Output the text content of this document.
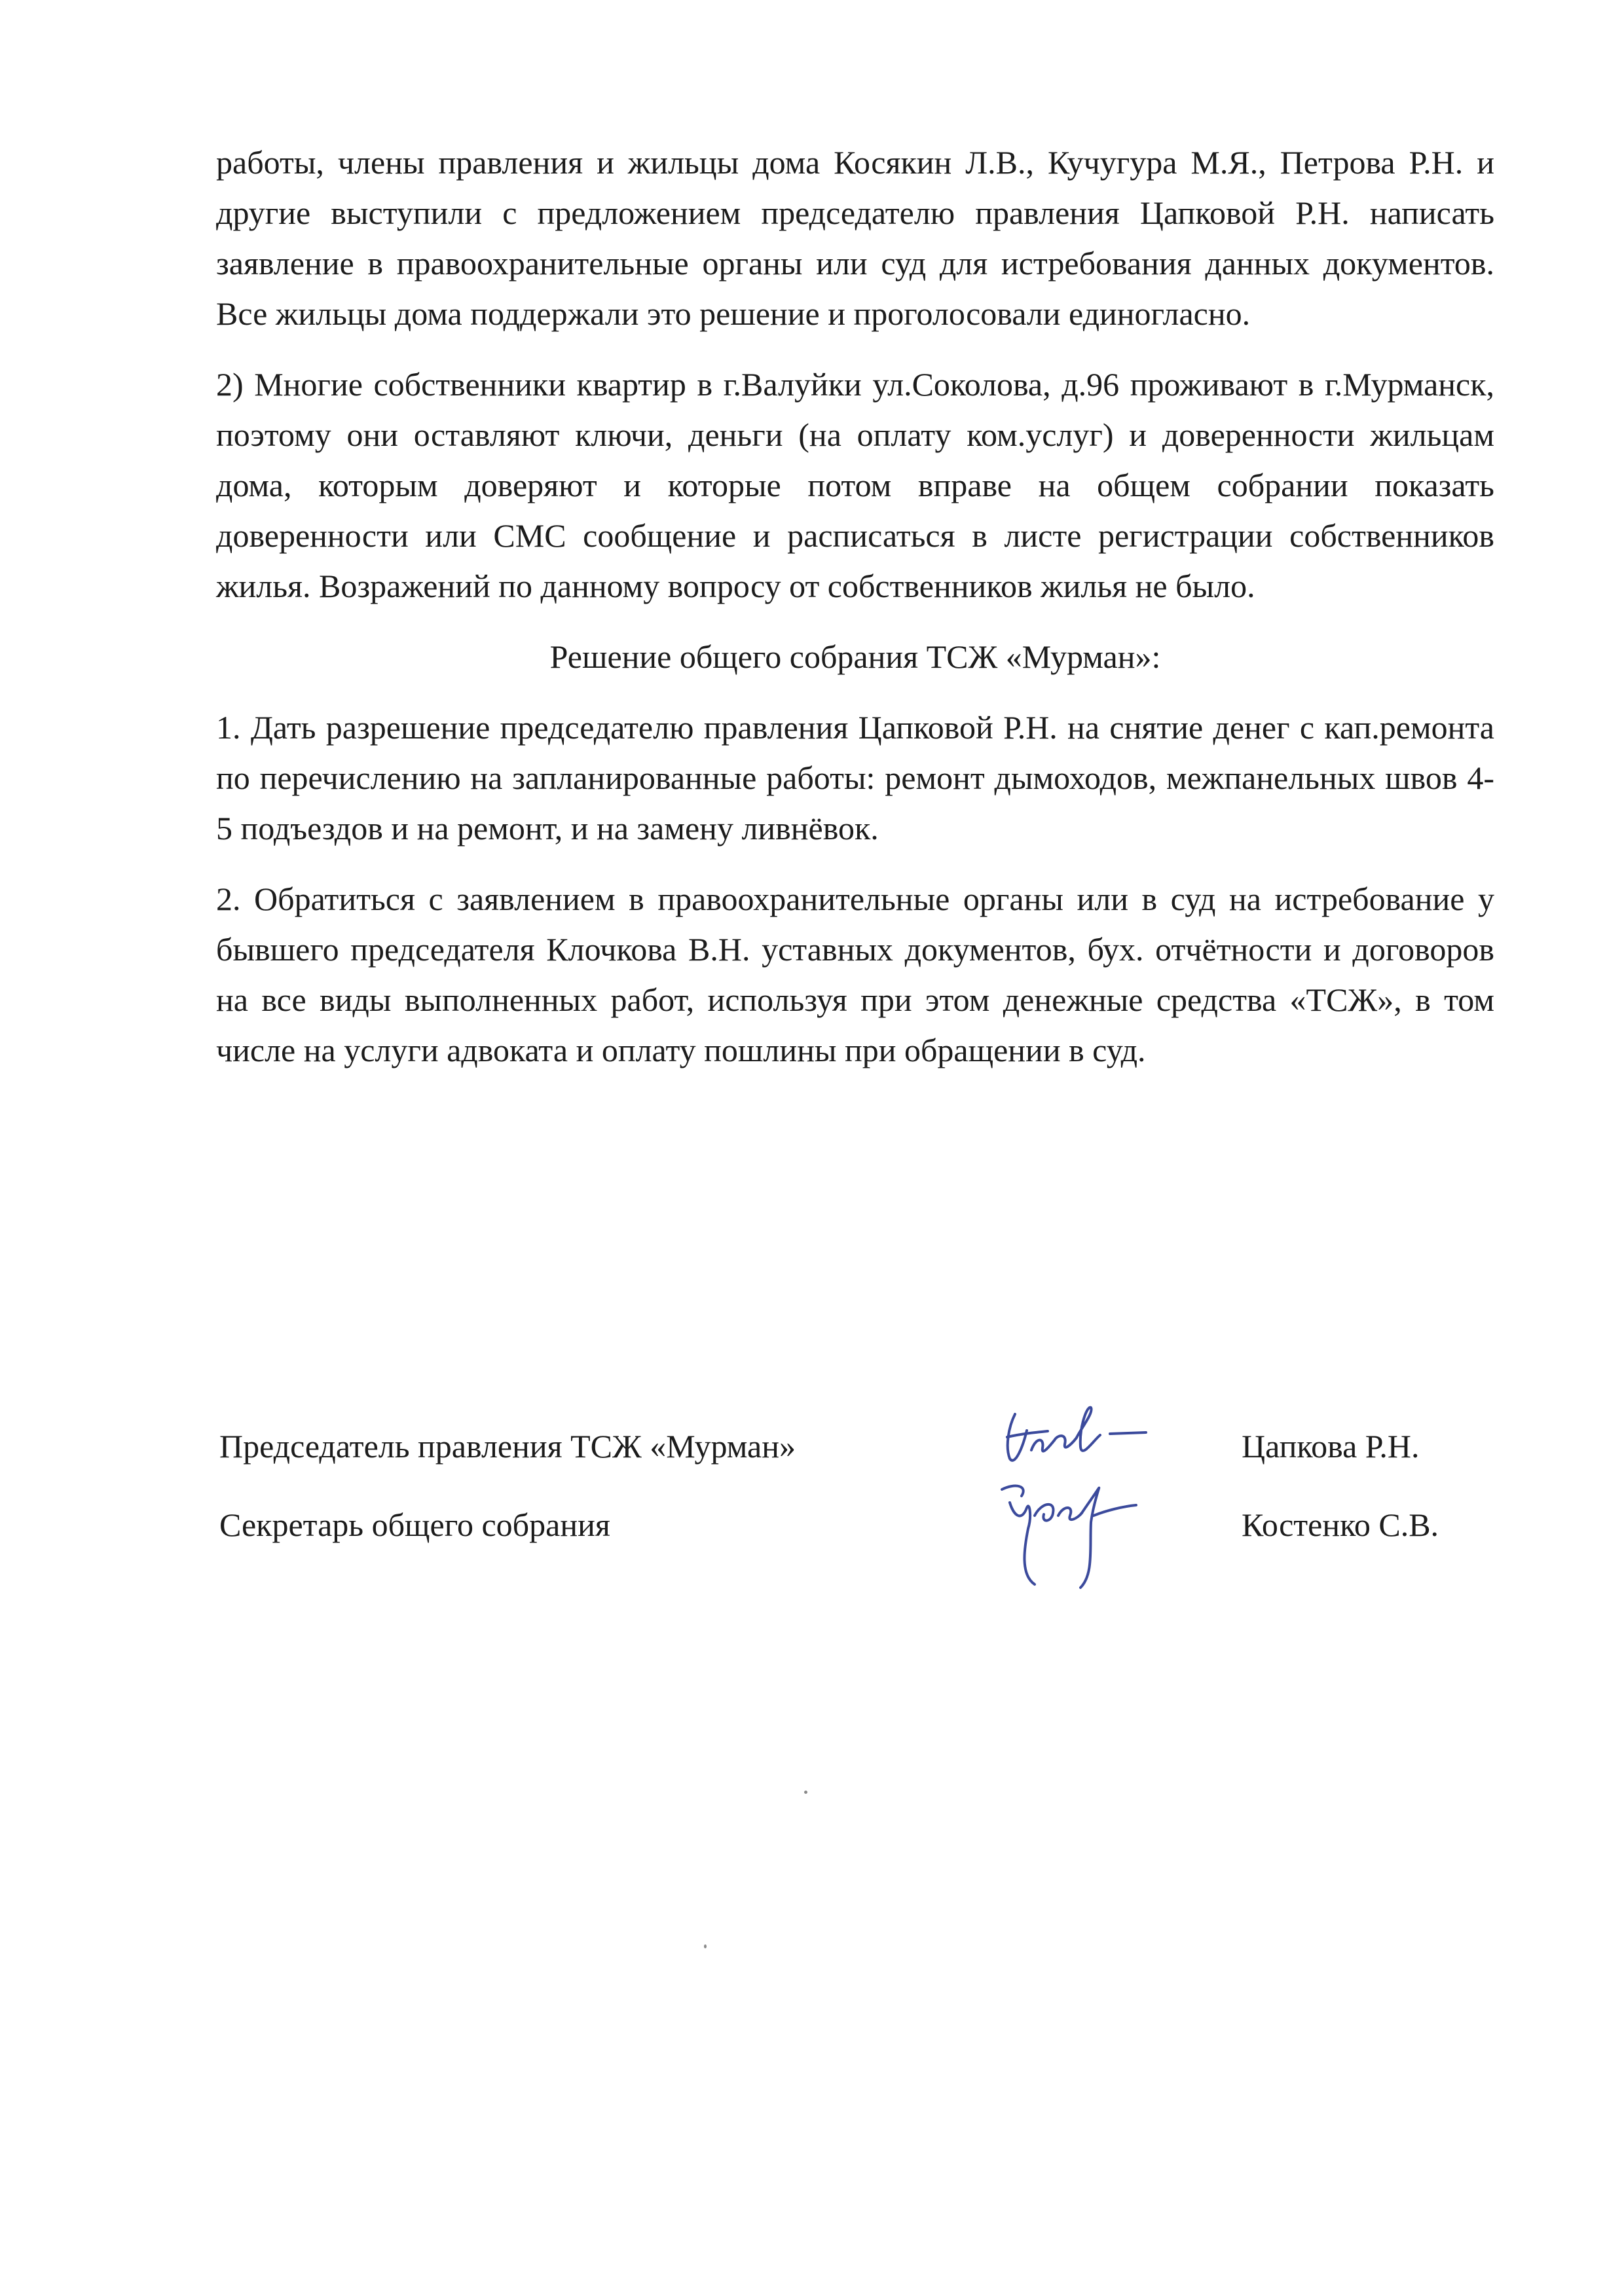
работы, члены правления и жильцы дома Косякин Л.В., Кучугура М.Я., Петрова Р.Н. и другие выступили с предложением председателю правления Цапковой Р.Н. написать заявление в правоохранительные органы или суд для истребования данных документов. Все жильцы дома поддержали это решение и проголосовали единогласно.

2) Многие собственники квартир в г.Валуйки ул.Соколова, д.96 проживают в г.Мурманск, поэтому они оставляют ключи, деньги (на оплату ком.услуг) и доверенности жильцам дома, которым доверяют и которые потом вправе на общем собрании показать доверенности или СМС сообщение и расписаться в листе регистрации собственников жилья. Возражений по данному вопросу от собственников жилья не было.

Решение общего собрания ТСЖ «Мурман»:

1. Дать разрешение председателю правления Цапковой Р.Н. на снятие денег с кап.ремонта по перечислению на запланированные работы: ремонт дымоходов, межпанельных швов 4-5 подъездов и на ремонт, и на замену ливнёвок.

2. Обратиться с заявлением в правоохранительные органы или в суд на истребование у бывшего председателя Клочкова В.Н. уставных документов, бух. отчётности и договоров на все виды выполненных работ, используя при этом денежные средства «ТСЖ», в том числе на услуги адвоката и оплату пошлины при обращении в суд.

Председатель правления ТСЖ «Мурман»	Цапкова Р.Н.
Секретарь общего собрания	Костенко С.В.
